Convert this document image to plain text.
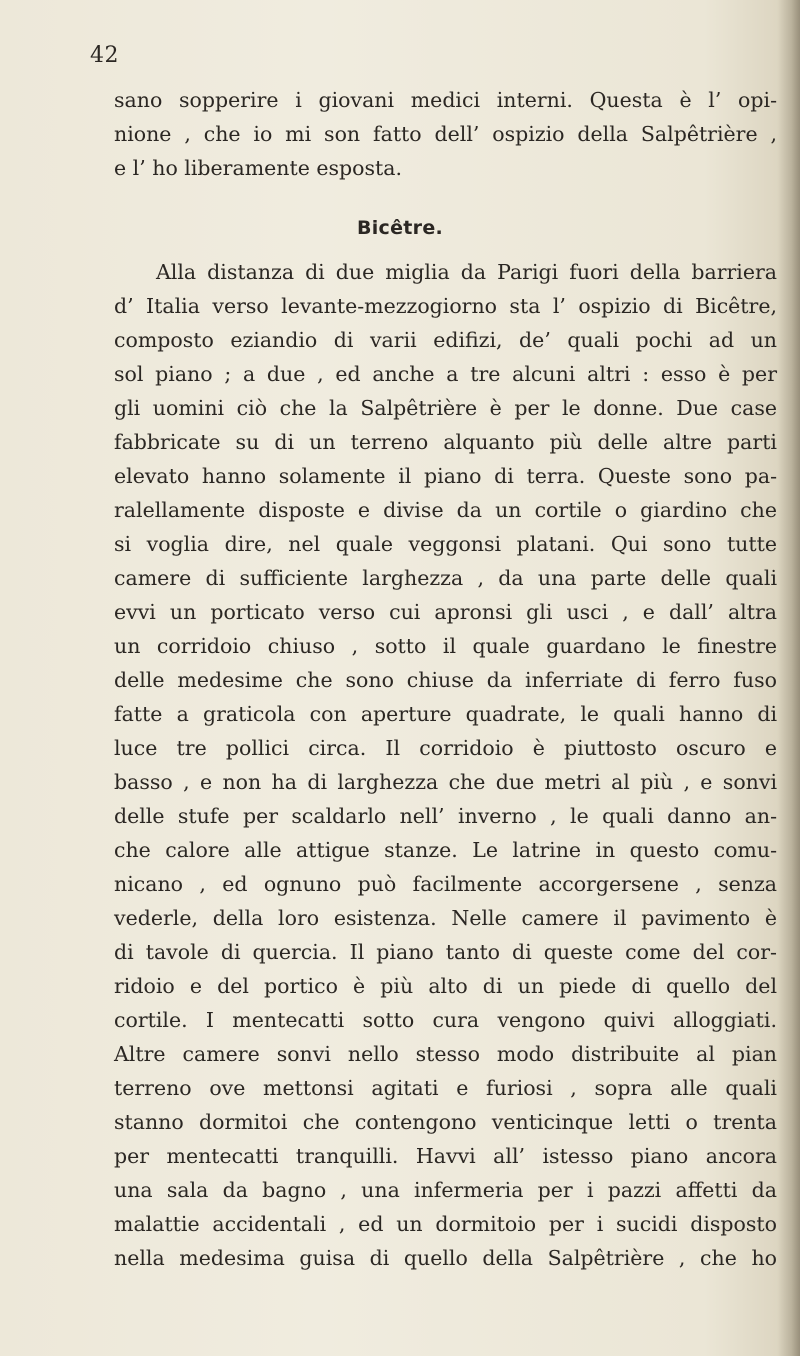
42
sano sopperire i giovani medici interni. Questa è l’ opi-
nione , che io mi son fatto dell’ ospizio della Salpêtrière ,
e l’ ho liberamente esposta.
Bicêtre.
Alla distanza di due miglia da Parigi fuori della barriera
d’ Italia verso levante-mezzogiorno sta l’ ospizio di Bicêtre,
composto eziandio di varii edifizi, de’ quali pochi ad un
sol piano ; a due , ed anche a tre alcuni altri : esso è per
gli uomini ciò che la Salpêtrière è per le donne. Due case
fabbricate su di un terreno alquanto più delle altre parti
elevato hanno solamente il piano di terra. Queste sono pa-
ralellamente disposte e divise da un cortile o giardino che
si voglia dire, nel quale veggonsi platani. Qui sono tutte
camere di sufficiente larghezza , da una parte delle quali
evvi un porticato verso cui apronsi gli usci , e dall’ altra
un corridoio chiuso , sotto il quale guardano le finestre
delle medesime che sono chiuse da inferriate di ferro fuso
fatte a graticola con aperture quadrate, le quali hanno di
luce tre pollici circa. Il corridoio è piuttosto oscuro e
basso , e non ha di larghezza che due metri al più , e sonvi
delle stufe per scaldarlo nell’ inverno , le quali danno an-
che calore alle attigue stanze. Le latrine in questo comu-
nicano , ed ognuno può facilmente accorgersene , senza
vederle, della loro esistenza. Nelle camere il pavimento è
di tavole di quercia. Il piano tanto di queste come del cor-
ridoio e del portico è più alto di un piede di quello del
cortile. I mentecatti sotto cura vengono quivi alloggiati.
Altre camere sonvi nello stesso modo distribuite al pian
terreno ove mettonsi agitati e furiosi , sopra alle quali
stanno dormitoi che contengono venticinque letti o trenta
per mentecatti tranquilli. Havvi all’ istesso piano ancora
una sala da bagno , una infermeria per i pazzi affetti da
malattie accidentali , ed un dormitoio per i sucidi disposto
nella medesima guisa di quello della Salpêtrière , che ho
